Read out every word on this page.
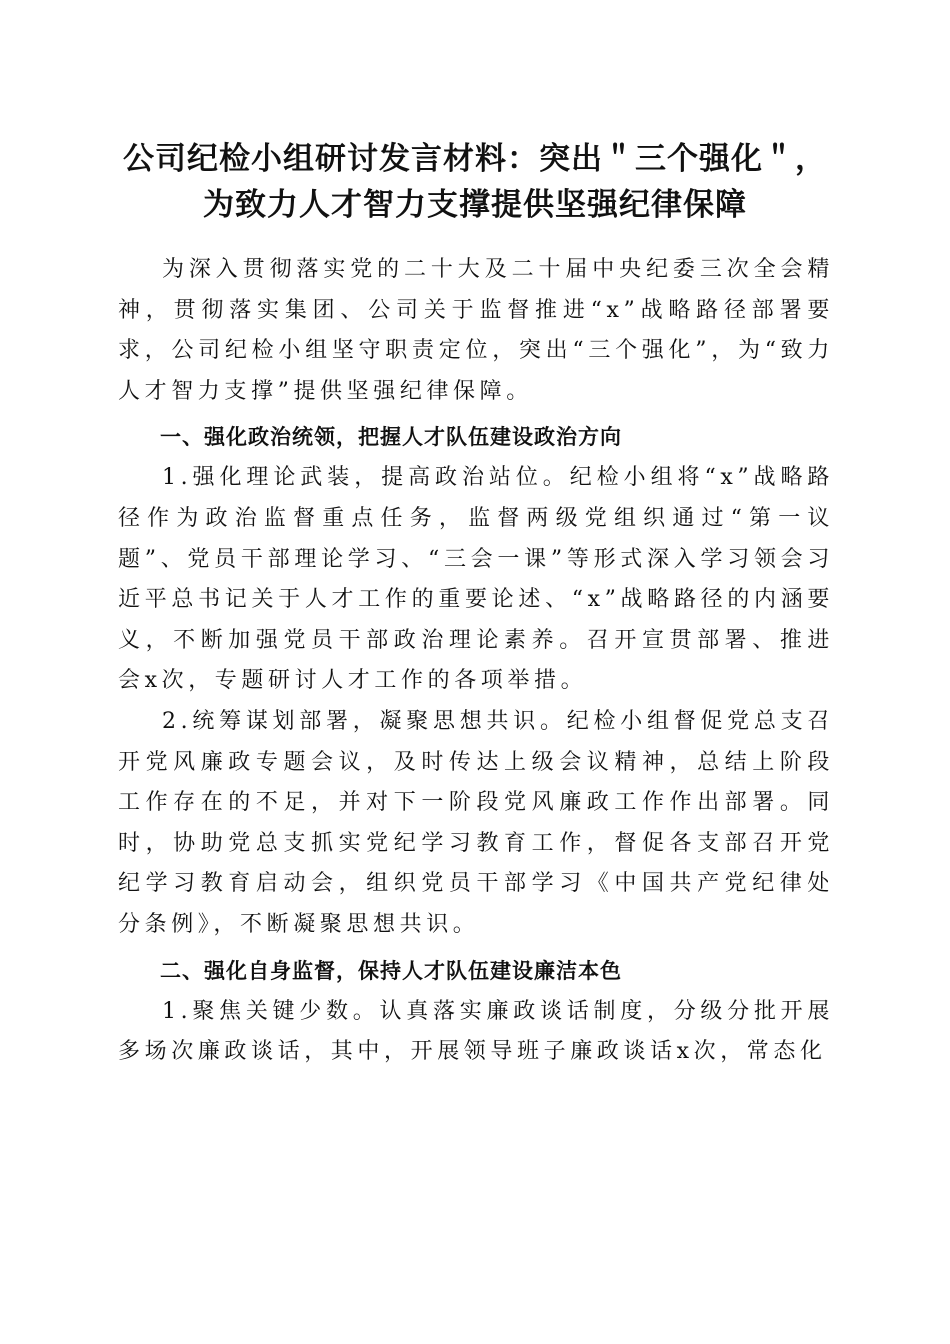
公司纪检小组研讨发言材料：突出＂三个强化＂，为致力人才智力支撑提供坚强纪律保障

为深入贯彻落实党的二十大及二十届中央纪委三次全会精神，贯彻落实集团、公司关于监督推进“x”战略路径部署要求，公司纪检小组坚守职责定位，突出“三个强化”，为“致力人才智力支撑”提供坚强纪律保障。

一、强化政治统领，把握人才队伍建设政治方向

1.强化理论武装，提高政治站位。纪检小组将“x”战略路径作为政治监督重点任务，监督两级党组织通过“第一议题”、党员干部理论学习、“三会一课”等形式深入学习领会习近平总书记关于人才工作的重要论述、“x”战略路径的内涵要义，不断加强党员干部政治理论素养。召开宣贯部署、推进会x次，专题研讨人才工作的各项举措。

2.统筹谋划部署，凝聚思想共识。纪检小组督促党总支召开党风廉政专题会议，及时传达上级会议精神，总结上阶段工作存在的不足，并对下一阶段党风廉政工作作出部署。同时，协助党总支抓实党纪学习教育工作，督促各支部召开党纪学习教育启动会，组织党员干部学习《中国共产党纪律处分条例》，不断凝聚思想共识。

二、强化自身监督，保持人才队伍建设廉洁本色

1.聚焦关键少数。认真落实廉政谈话制度，分级分批开展多场次廉政谈话，其中，开展领导班子廉政谈话x次，常态化
